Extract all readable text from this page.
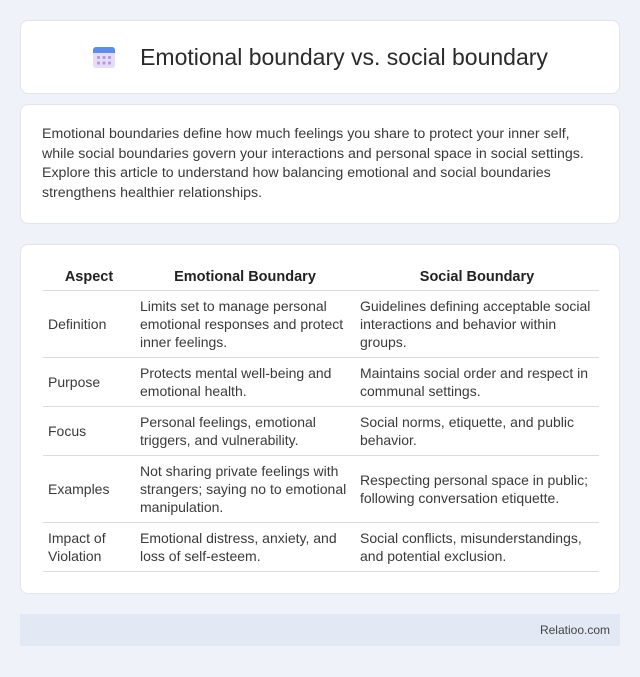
Emotional boundary vs. social boundary

Emotional boundaries define how much feelings you share to protect your inner self, while social boundaries govern your interactions and personal space in social settings. Explore this article to understand how balancing emotional and social boundaries strengthens healthier relationships.

Aspect	Emotional Boundary	Social Boundary
Definition	Limits set to manage personal emotional responses and protect inner feelings.	Guidelines defining acceptable social interactions and behavior within groups.
Purpose	Protects mental well-being and emotional health.	Maintains social order and respect in communal settings.
Focus	Personal feelings, emotional triggers, and vulnerability.	Social norms, etiquette, and public behavior.
Examples	Not sharing private feelings with strangers; saying no to emotional manipulation.	Respecting personal space in public; following conversation etiquette.
Impact of Violation	Emotional distress, anxiety, and loss of self-esteem.	Social conflicts, misunderstandings, and potential exclusion.
Relatioo.com
